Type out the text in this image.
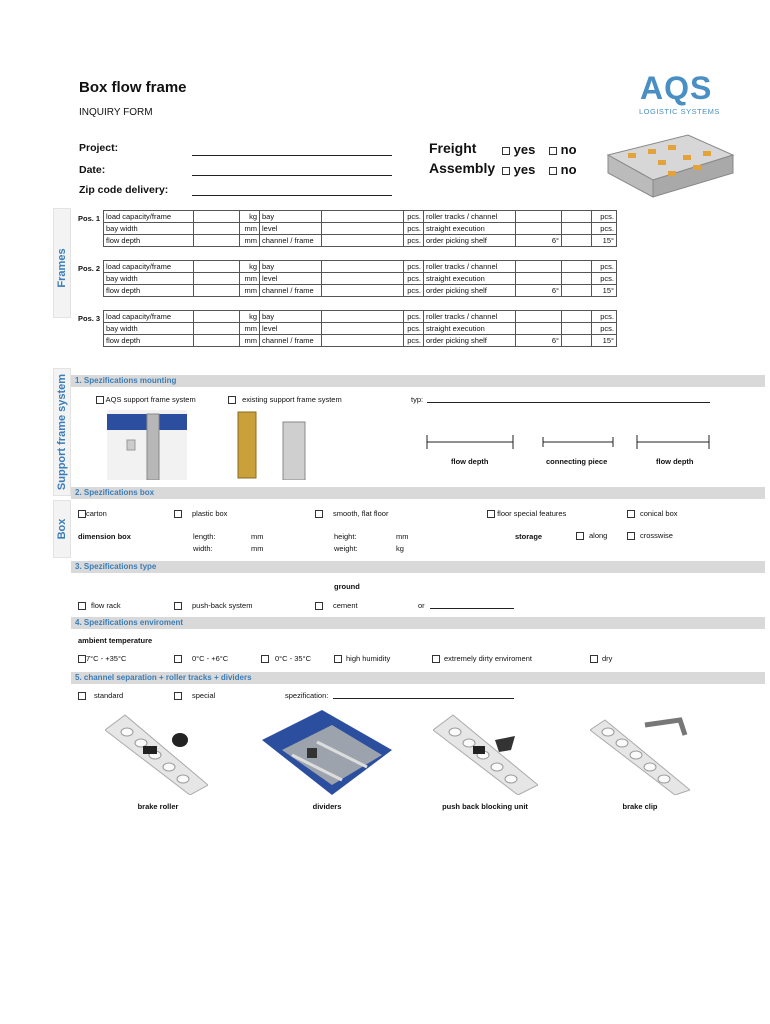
Box flow frame
INQUIRY FORM
AQS
LOGISTIC SYSTEMS
Project:
Date:
Zip code delivery:
Freight	yes	no
Assembly	yes	no
Frames
Pos. 1 load capacity/frame		kg	bay		pcs.	roller tracks / channel			pcs.
bay width		mm	level		pcs.	straight execution			pcs.
flow depth		mm	channel / frame		pcs.	order picking shelf	6°		15°
Pos. 2 load capacity/frame		kg	bay		pcs.	roller tracks / channel			pcs.
bay width		mm	level		pcs.	straight execution			pcs.
flow depth		mm	channel / frame		pcs.	order picking shelf	6°		15°
Pos. 3 load capacity/frame		kg	bay		pcs.	roller tracks / channel			pcs.
bay width		mm	level		pcs.	straight execution			pcs.
flow depth		mm	channel / frame		pcs.	order picking shelf	6°		15°
Support frame system 1. Spezifications mounting
AQS support frame system	existing support frame system	typ:
flow depth	connecting piece	flow depth
Box
2. Spezifications box
carton	plastic box	smooth, flat floor	floor special features	conical box
dimension box	length:	mm
width:	mm
height:	mm
weight:	kg
storage	along	crosswise
3. Spezifications type
ground
flow rack	push-back system	cement	or
4. Spezifications enviroment
ambient temperature
7°C - +35°C	0°C - +6°C	0°C - 35°C	high humidity	extremely dirty enviroment	dry
5. channel separation + roller tracks + dividers
standard	special	spezification:
brake roller	dividers	push back blocking unit	brake clip
